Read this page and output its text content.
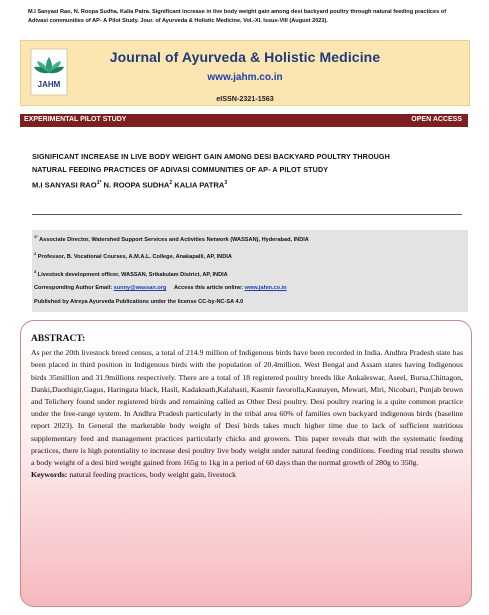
M.I Sanyasi Rao, N. Roopa Sudha, Kalia Patra. Significant increase in live body weight gain among desi backyard poultry through natural feeding practices of Adivasi communities of AP- A Pilot Study. Jour. of Ayurveda & Holistic Medicine, Vol.-XI, Issue-VIII (August 2023).
JAHM
Journal of Ayurveda & Holistic Medicine
www.jahm.co.in
eISSN-2321-1563
EXPERIMENTAL PILOT STUDY	OPEN ACCESS
SIGNIFICANT INCREASE IN LIVE BODY WEIGHT GAIN AMONG DESI BACKYARD POULTRY THROUGH
NATURAL FEEDING PRACTICES OF ADIVASI COMMUNITIES OF AP- A PILOT STUDY
M.I SANYASI $RAO^{1*}$ N. ROOPA SUDHA$^2$ KALIA PATRA$^3$
$^{1*}$ Associate Director, Watershed Support Services and Activities Network (WASSAN), Hyderabad, INDIA
$^2$ Professor, B. Vocational Courses, A.M.A.L. College, Anakapalli, AP, INDIA
$^3$ Livestock development officer, WASSAN, Srikakulam District, AP, INDIA
Corresponding Author Email: sunny@wassan.org     Access this article online: www.jahm.co.in
Published by Atreya Ayurveda Publications under the license CC-by-NC-SA 4.0
ABSTRACT:
As per the 20th livestock breed census, a total of 214.9 million of Indigenous birds have been recorded in India. Andhra Pradesh state has been placed in third position in Indigenous birds with the population of 20.4million. West Bengal and Assam states having Indigenous birds 35million and 31.9millions respectively. There are a total of 18 registered poultry breeds like Ankaleswar, Aseel, Bursa,Chittagon, Danki,Daothigir,Gagus, Haringata black, Hasli, Kadaknath,Kalahasti, Kasmir favorolla,Kaunayen, Mewari, Miri, Nicobari, Punjab brown and Telichery found under registered birds and remaining called as Other Desi poultry. Desi poultry rearing is a quite common practice under the free-range system. In Andhra Pradesh particularly in the tribal area 60% of families own backyard indigenous birds (baseline report 2023). In General the marketable body weight of Desi birds takes much higher time due to lack of sufficient nutritious supplementary feed and management practices particularly chicks and growers. This paper reveals that with the systematic feeding practices, there is high potentiality to increase desi poultry live body weight under natural feeding conditions. Feeding trial results shown a body weight of a desi bird weight gained from 165g to 1kg in a period of 60 days than the normal growth of 280g to 350g.
Keywords: natural feeding practices, body weight gain, livestock
